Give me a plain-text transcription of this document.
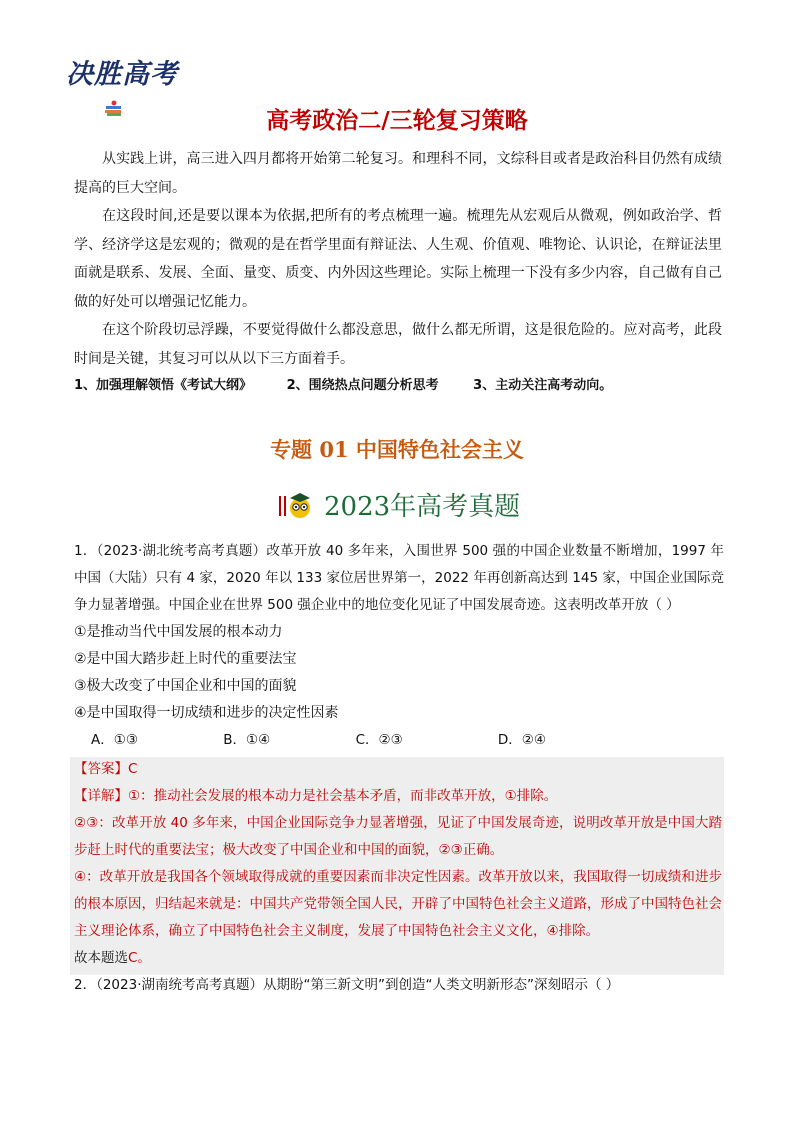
决胜高考
高考政治二/三轮复习策略
从实践上讲，高三进入四月都将开始第二轮复习。和理科不同，文综科目或者是政治科目仍然有成绩提高的巨大空间。
在这段时间,还是要以课本为依据,把所有的考点梳理一遍。梳理先从宏观后从微观，例如政治学、哲学、经济学这是宏观的；微观的是在哲学里面有辩证法、人生观、价值观、唯物论、认识论，在辩证法里面就是联系、发展、全面、量变、质变、内外因这些理论。实际上梳理一下没有多少内容，自己做有自己做的好处可以增强记忆能力。
在这个阶段切忌浮躁，不要觉得做什么都没意思，做什么都无所谓，这是很危险的。应对高考，此段时间是关键，其复习可以从以下三方面着手。
1、加强理解领悟《考试大纲》	2、围绕热点问题分析思考	3、主动关注高考动向。
专题 01 中国特色社会主义
2023年高考真题
1．（2023·湖北统考高考真题）改革开放 40 多年来，入围世界 500 强的中国企业数量不断增加，1997 年中国（大陆）只有 4 家，2020 年以 133 家位居世界第一，2022 年再创新高达到 145 家，中国企业国际竞争力显著增强。中国企业在世界 500 强企业中的地位变化见证了中国发展奇迹。这表明改革开放（ ）
①是推动当代中国发展的根本动力
②是中国大踏步赶上时代的重要法宝
③极大改变了中国企业和中国的面貌
④是中国取得一切成绩和进步的决定性因素
A．①③	B．①④	C．②③	D．②④
【答案】C
【详解】①：推动社会发展的根本动力是社会基本矛盾，而非改革开放，①排除。
②③：改革开放 40 多年来，中国企业国际竞争力显著增强，见证了中国发展奇迹，说明改革开放是中国大踏步赶上时代的重要法宝；极大改变了中国企业和中国的面貌，②③正确。
④：改革开放是我国各个领域取得成就的重要因素而非决定性因素。改革开放以来，我国取得一切成绩和进步的根本原因，归结起来就是：中国共产党带领全国人民，开辟了中国特色社会主义道路，形成了中国特色社会主义理论体系，确立了中国特色社会主义制度，发展了中国特色社会主义文化，④排除。
故本题选C。
2．（2023·湖南统考高考真题）从期盼“第三新文明”到创造“人类文明新形态”深刻昭示（ ）
